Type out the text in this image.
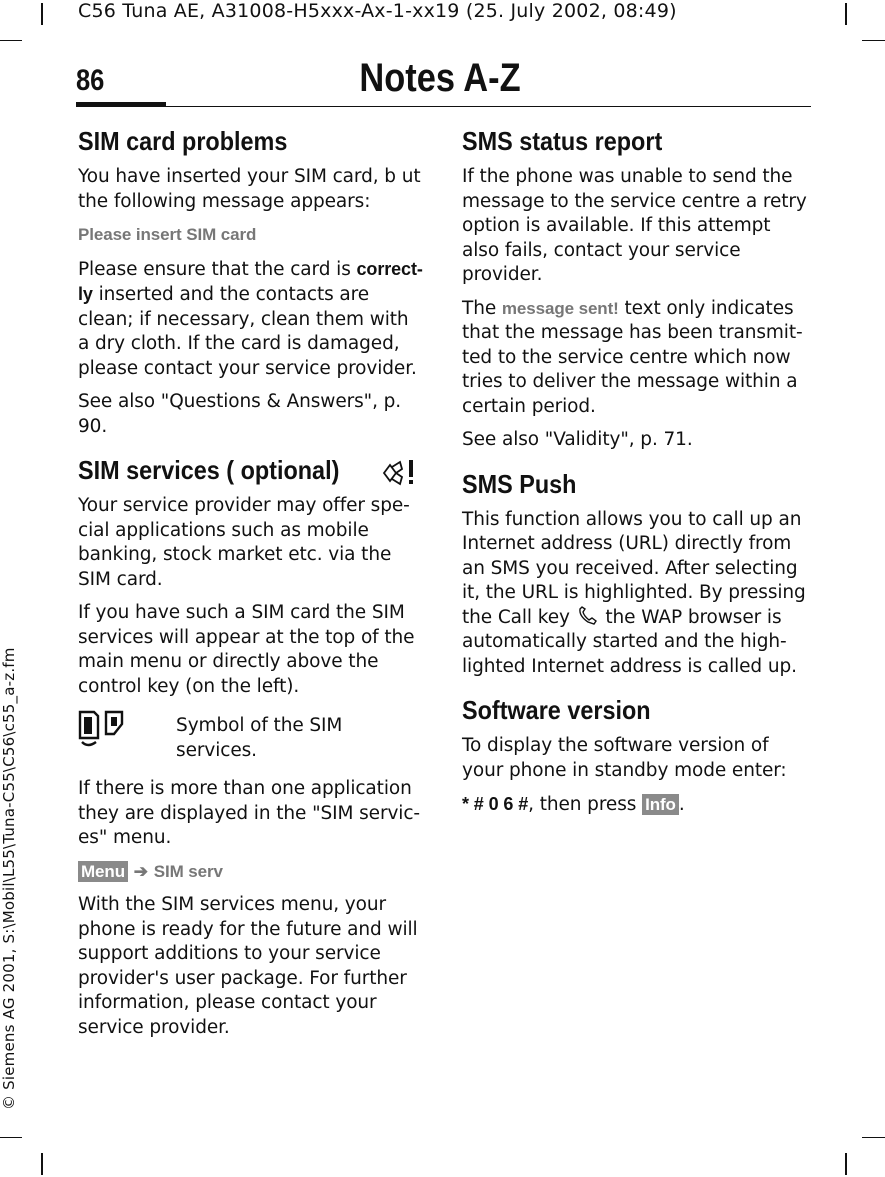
C56 Tuna AE, A31008-H5xxx-Ax-1-xx19 (25. July 2002, 08:49)
86	Notes A-Z
© Siemens AG 2001, S:\Mobil\L55\Tuna-C55\C56\c55_a-z.fm
SIM card problems

You have inserted your SIM card, b ut the following message appears:

Please insert SIM card

Please ensure that the card is correct-ly inserted and the contacts are clean; if necessary, clean them with a dry cloth. If the card is damaged, please contact your service provider.

See also "Questions & Answers", p. 90.

SIM services ( optional)

Your service provider may offer spe-cial applications such as mobile banking, stock market etc. via the SIM card.

If you have such a SIM card the SIM services will appear at the top of the main menu or directly above the control key (on the left).

Symbol of the SIM services.

If there is more than one application they are displayed in the "SIM servic-es" menu.

Menu ➔ SIM serv

With the SIM services menu, your phone is ready for the future and will support additions to your service provider's user package. For further information, please contact your service provider.

SMS status report

If the phone was unable to send the message to the service centre a retry option is available. If this attempt also fails, contact your service provider.

The message sent! text only indicates that the message has been transmit-ted to the service centre which now tries to deliver the message within a certain period.

See also "Validity", p. 71.

SMS Push

This function allows you to call up an Internet address (URL) directly from an SMS you received. After selecting it, the URL is highlighted. By pressing the Call key  the WAP browser is automatically started and the high-lighted Internet address is called up.

Software version

To display the software version of your phone in standby mode enter:

* # 0 6 #, then press Info .
